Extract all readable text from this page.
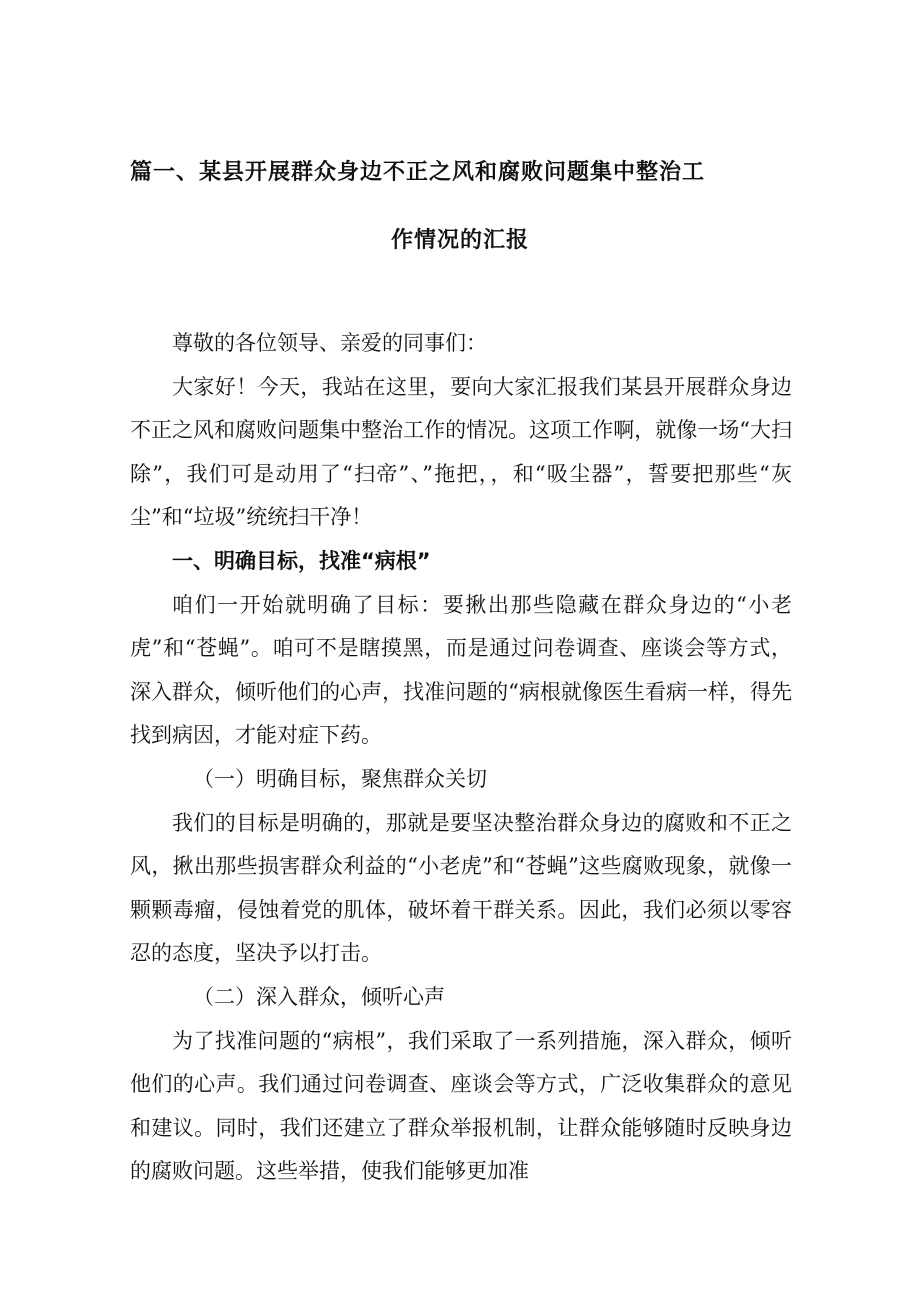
篇一、某县开展群众身边不正之风和腐败问题集中整治工
作情况的汇报

尊敬的各位领导、亲爱的同事们：

大家好！今天，我站在这里，要向大家汇报我们某县开展群众身边不正之风和腐败问题集中整治工作的情况。这项工作啊，就像一场“大扫除”，我们可是动用了“扫帝”、”拖把，，和“吸尘器”，誓要把那些“灰尘”和“垃圾”统统扫干净！

一、明确目标，找准“病根”

咱们一开始就明确了目标：要揪出那些隐藏在群众身边的“小老虎”和“苍蝇”。咱可不是瞎摸黑，而是通过问卷调查、座谈会等方式，深入群众，倾听他们的心声，找准问题的“病根就像医生看病一样，得先找到病因，才能对症下药。

（一）明确目标，聚焦群众关切

我们的目标是明确的，那就是要坚决整治群众身边的腐败和不正之风，揪出那些损害群众利益的“小老虎”和“苍蝇”这些腐败现象，就像一颗颗毒瘤，侵蚀着党的肌体，破坏着干群关系。因此，我们必须以零容忍的态度，坚决予以打击。

（二）深入群众，倾听心声

为了找准问题的“病根”，我们采取了一系列措施，深入群众，倾听他们的心声。我们通过问卷调查、座谈会等方式，广泛收集群众的意见和建议。同时，我们还建立了群众举报机制，让群众能够随时反映身边的腐败问题。这些举措，使我们能够更加准
